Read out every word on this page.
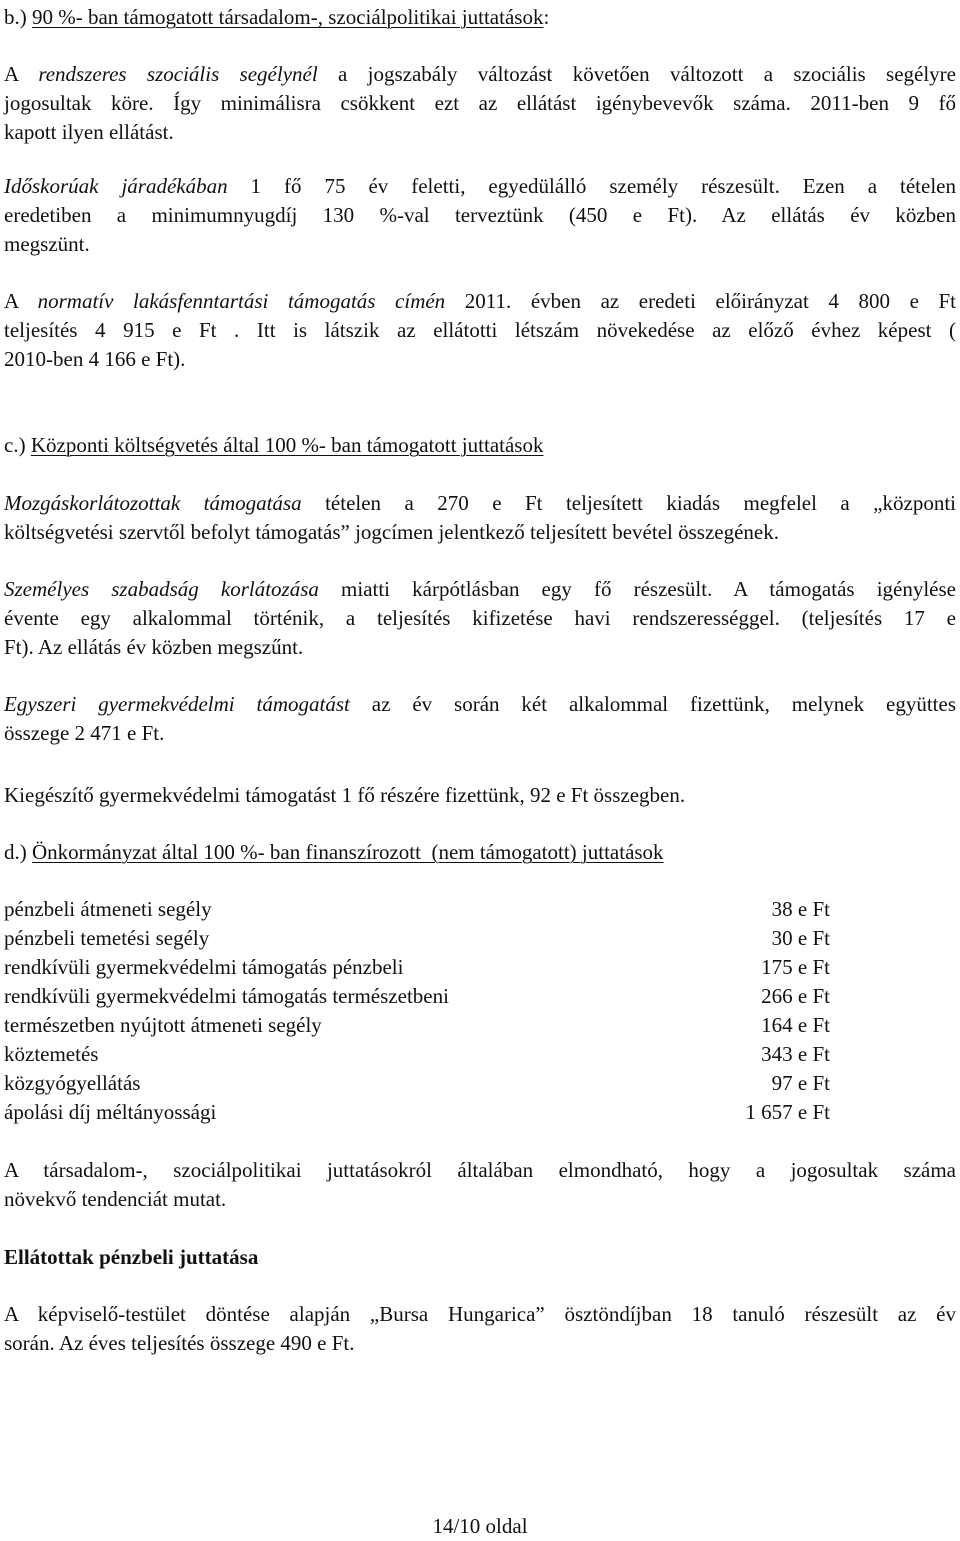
b.) 90 %- ban támogatott társadalom-, szociálpolitikai juttatások:
A rendszeres szociális segélynél a jogszabály változást követően változott a szociális segélyre
jogosultak köre. Így minimálisra csökkent ezt az ellátást igénybevevők száma. 2011-ben 9 fő
kapott ilyen ellátást.
Időskorúak járadékában 1 fő 75 év feletti, egyedülálló személy részesült. Ezen a tételen
eredetiben a minimumnyugdíj 130 %-val terveztünk (450 e Ft). Az ellátás év közben
megszünt.
A normatív lakásfenntartási támogatás címén 2011. évben az eredeti előirányzat 4 800 e Ft
teljesítés 4 915 e Ft . Itt is látszik az ellátotti létszám növekedése az előző évhez képest (
2010-ben 4 166 e Ft).
c.) Központi költségvetés által 100 %- ban támogatott juttatások
Mozgáskorlátozottak támogatása tételen a 270 e Ft teljesített kiadás megfelel a „központi
költségvetési szervtől befolyt támogatás” jogcímen jelentkező teljesített bevétel összegének.
Személyes szabadság korlátozása miatti kárpótlásban egy fő részesült. A támogatás igénylése
évente egy alkalommal történik, a teljesítés kifizetése havi rendszerességgel. (teljesítés 17 e
Ft). Az ellátás év közben megszűnt.
Egyszeri gyermekvédelmi támogatást az év során két alkalommal fizettünk, melynek együttes
összege 2 471 e Ft.
Kiegészítő gyermekvédelmi támogatást 1 fő részére fizettünk, 92 e Ft összegben.
d.) Önkormányzat által 100 %- ban finanszírozott  (nem támogatott) juttatások
pénzbeli átmeneti segély	38 e Ft
pénzbeli temetési segély	30 e Ft
rendkívüli gyermekvédelmi támogatás pénzbeli	175 e Ft
rendkívüli gyermekvédelmi támogatás természetbeni	266 e Ft
természetben nyújtott átmeneti segély	164 e Ft
köztemetés	343 e Ft
közgyógyellátás	97 e Ft
ápolási díj méltányossági	1 657 e Ft
A társadalom-, szociálpolitikai juttatásokról általában elmondható, hogy a jogosultak száma
növekvő tendenciát mutat.
Ellátottak pénzbeli juttatása
A képviselő-testület döntése alapján „Bursa Hungarica” ösztöndíjban 18 tanuló részesült az év
során. Az éves teljesítés összege 490 e Ft.
14/10 oldal
